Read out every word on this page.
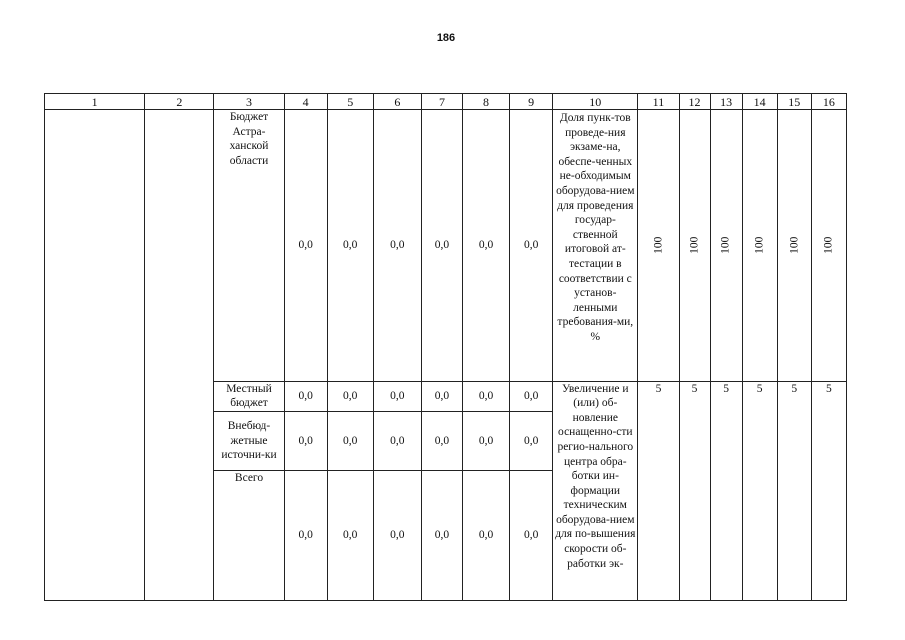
186
1	2	3	4	5	6	7	8	9	10	11	12	13	14	15	16
		Бюджет Астра-ханской области	0,0	0,0	0,0	0,0	0,0	0,0	Доля пунк-тов проведе-ния экзаме-на, обеспе-ченных не-обходимым оборудова-нием для проведения государ-ственной итоговой ат-тестации в соответствии с установ-ленными требования-ми, %	100	100	100	100	100	100
		Местный бюджет	0,0	0,0	0,0	0,0	0,0	0,0	Увеличение и (или) об-новление оснащенно-сти регио-нального центра обра-ботки ин-формации техническим оборудова-нием для по-вышения скорости об-работки эк-	5	5	5	5	5	5
		Внебюд-жетные источни-ки	0,0	0,0	0,0	0,0	0,0	0,0							
		Всего	0,0	0,0	0,0	0,0	0,0	0,0							
